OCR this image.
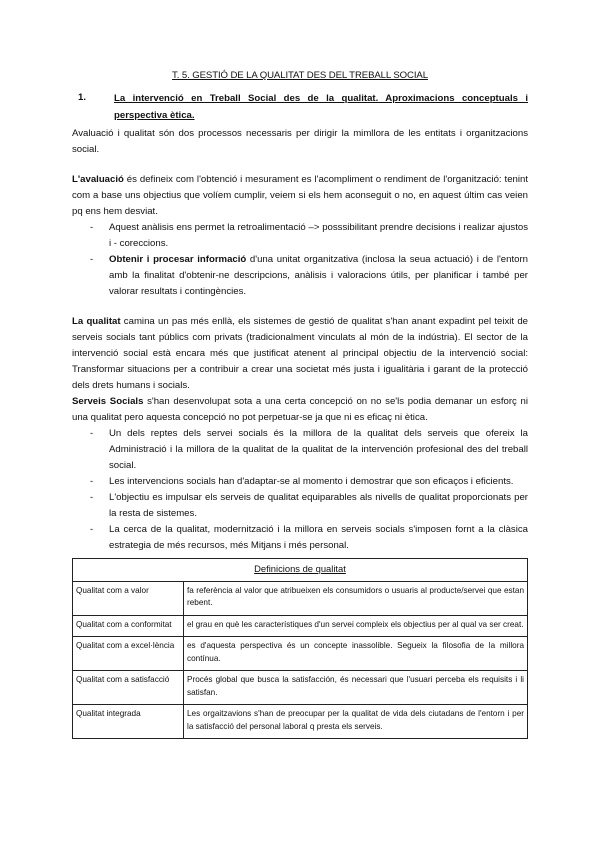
T. 5. GESTIÓ DE LA QUALITAT DES DEL TREBALL SOCIAL
1.	La intervenció en Treball Social des de la qualitat. Aproximacions conceptuals i perspectiva ètica.

Avaluació i qualitat són dos processos necessaris per dirigir la mimllora de les entitats i organitzacions social.

L'avaluació és defineix com l'obtenció i mesurament es l'acompliment o rendiment de l'organització: tenint com a base uns objectius que volíem cumplir, veiem si els hem aconseguit o no, en aquest últim cas veien pq ens hem desviat.

-	Aquest anàlisis ens permet la retroalimentació –> posssibilitant prendre decisions i realizar ajustos i - coreccions.
-	Obtenir i procesar informació d'una unitat organitzativa (inclosa la seua actuació) i de l'entorn amb la finalitat d'obtenir-ne descripcions, anàlisis i valoracions útils, per planificar i també per valorar resultats i contingències.

La qualitat camina un pas més enllà, els sistemes de gestió de qualitat s'han anant expadint pel teixit de serveis socials tant públics com privats (tradicionalment vinculats al món de la indústria). El sector de la intervenció social està encara més que justificat atenent al principal objectiu de la intervenció social: Transformar situacions per a contribuir a crear una societat més justa i igualitària i garant de la protecció dels drets humans i socials.

Serveis Socials s'han desenvolupat sota a una certa concepció on no se'ls podia demanar un esforç ni una qualitat pero aquesta concepció no pot perpetuar-se ja que ni es eficaç ni ètica.

-	Un dels reptes dels servei socials és la millora de la qualitat dels serveis que ofereix la Administració i la millora de la qualitat de la qualitat de la intervención profesional des del treball social.
-	Les intervencions socials han d'adaptar-se al momento i demostrar que son eficaços i eficients.
-	L'objectiu es impulsar els serveis de qualitat equiparables als nivells de qualitat proporcionats per la resta de sistemes.
-	La cerca de la qualitat, modernització i la millora en serveis socials s'imposen fornt a la clàsica estrategia de més recursos, més Mitjans i més personal.
Definicions de qualitat	
Qualitat com a valor	fa referència al valor que atribueixen els consumidors o usuaris al producte/servei que estan rebent.
Qualitat com a conformitat	el grau en què les característiques d'un servei compleix els objectius per al qual va ser creat.
Qualitat com a excel·lència	es d'aquesta perspectiva és un concepte inassolible. Segueix la filosofia de la millora contínua.
Qualitat com a satisfacció	Procés global que busca la satisfacción, és necessari que l'usuari perceba els requisits i li satisfan.
Qualitat integrada	Les orgaitzavions s'han de preocupar per la qualitat de vida dels ciutadans de l'entorn i per la satisfacció del personal laboral q presta els serveis.
